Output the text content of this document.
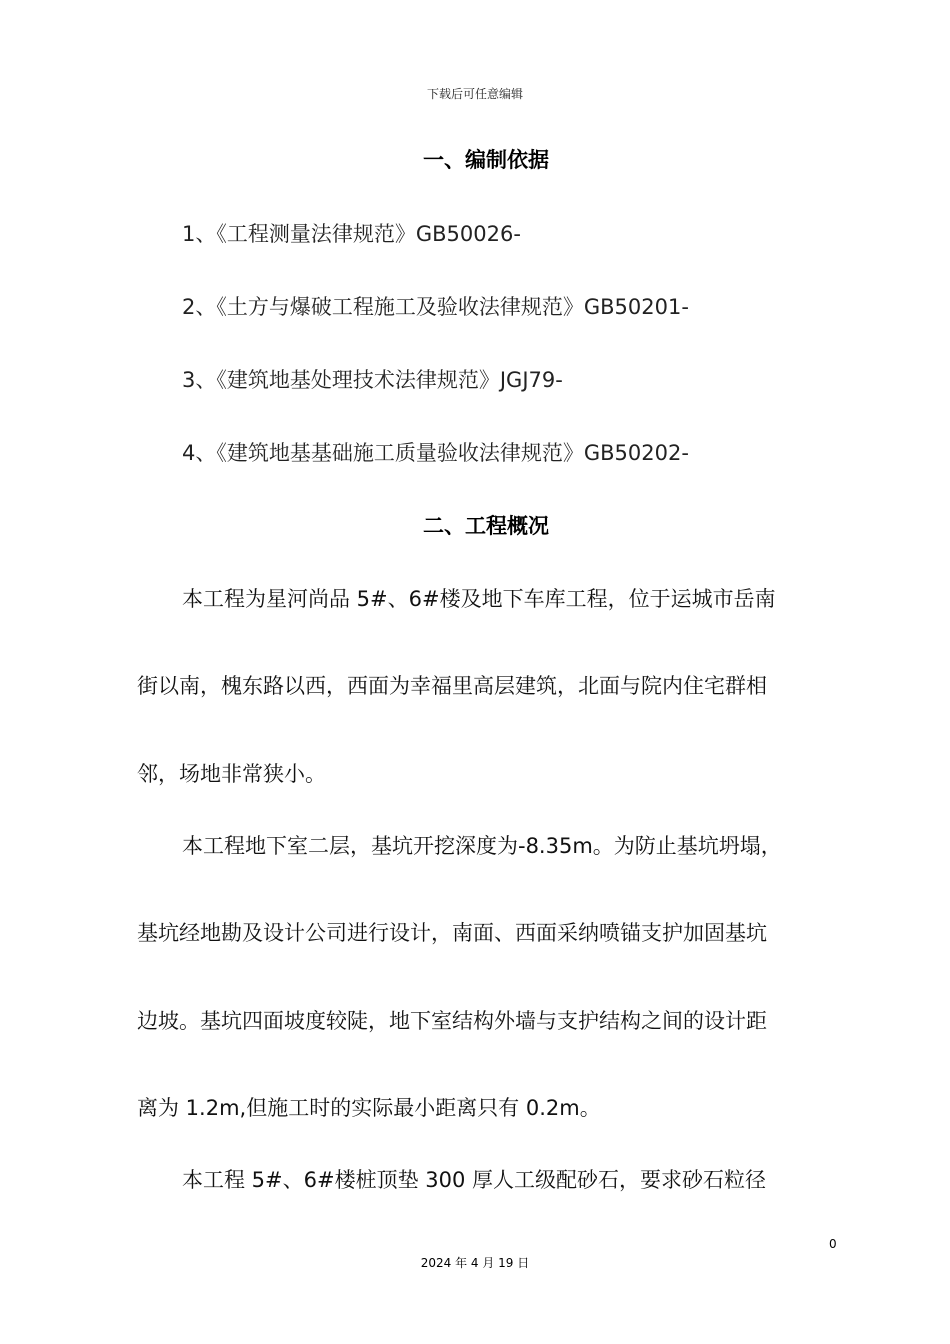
下载后可任意编辑
一、编制依据
1、《工程测量法律规范》GB50026-
2、《土方与爆破工程施工及验收法律规范》GB50201-
3、《建筑地基处理技术法律规范》JGJ79-
4、《建筑地基基础施工质量验收法律规范》GB50202-
二、工程概况
本工程为星河尚品 5#、6#楼及地下车库工程，位于运城市岳南
街以南，槐东路以西，西面为幸福里高层建筑，北面与院内住宅群相
邻，场地非常狭小。
本工程地下室二层，基坑开挖深度为-8.35m。为防止基坑坍塌，
基坑经地勘及设计公司进行设计，南面、西面采纳喷锚支护加固基坑
边坡。基坑四面坡度较陡，地下室结构外墙与支护结构之间的设计距
离为 1.2m,但施工时的实际最小距离只有 0.2m。
本工程 5#、6#楼桩顶垫 300 厚人工级配砂石，要求砂石粒径
0
2024 年 4 月 19 日
